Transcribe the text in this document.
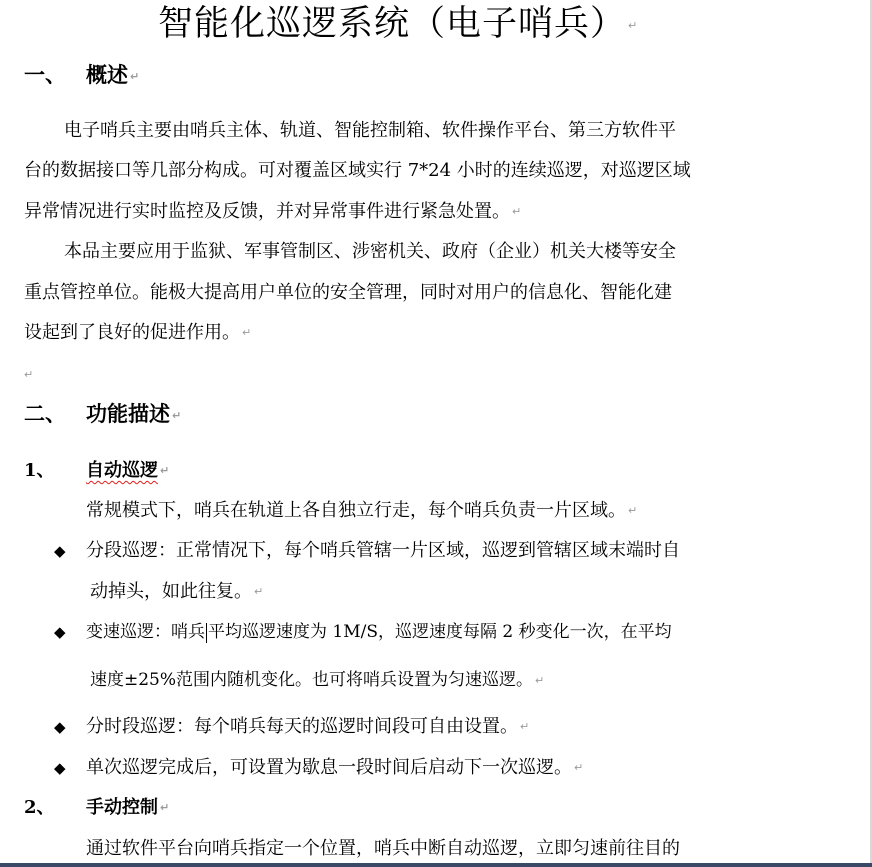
智能化巡逻系统（电子哨兵） ↵
一、 概述 ↵
电子哨兵主要由哨兵主体、轨道、智能控制箱、软件操作平台、第三方软件平
台的数据接口等几部分构成。可对覆盖区域实行 7*24 小时的连续巡逻，对巡逻区域
异常情况进行实时监控及反馈，并对异常事件进行紧急处置。 ↵
本品主要应用于监狱、军事管制区、涉密机关、政府（企业）机关大楼等安全
重点管控单位。能极大提高用户单位的安全管理，同时对用户的信息化、智能化建
设起到了良好的促进作用。 ↵
↵
二、 功能描述 ↵
1、 自动巡逻 ↵
常规模式下，哨兵在轨道上各自独立行走，每个哨兵负责一片区域。 ↵
◆ 分段巡逻：正常情况下，每个哨兵管辖一片区域，巡逻到管辖区域末端时自
动掉头，如此往复。 ↵
◆ 变速巡逻：哨兵 平均巡逻速度为 1M/S，巡逻速度每隔 2 秒变化一次，在平均
速度±25%范围内随机变化。也可将哨兵设置为匀速巡逻。 ↵
◆ 分时段巡逻：每个哨兵每天的巡逻时间段可自由设置。 ↵
◆ 单次巡逻完成后，可设置为歇息一段时间后启动下一次巡逻。 ↵
2、 手动控制 ↵
通过软件平台向哨兵指定一个位置，哨兵中断自动巡逻，立即匀速前往目的
